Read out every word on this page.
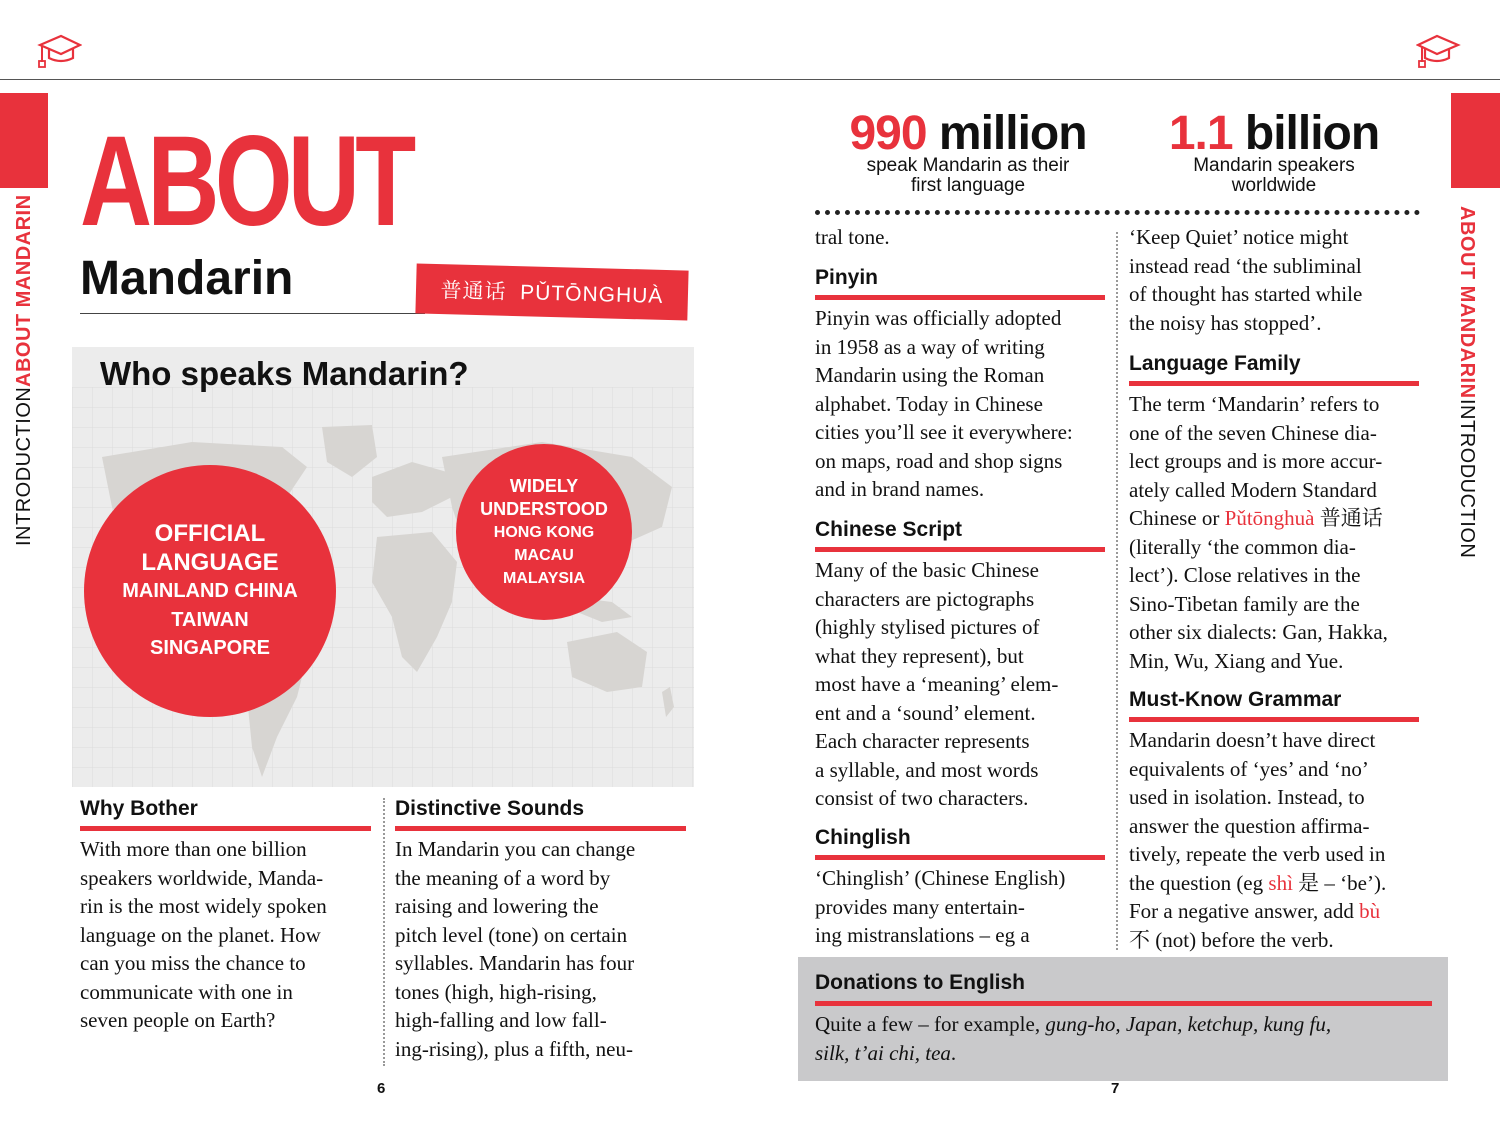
INTRODUCTION
ABOUT MANDARIN	ABOUT MANDARIN
INTRODUCTION
ABOUT
Mandarin	普通话  PǓTŌNGHUÀ
Who speaks Mandarin?
OFFICIAL
LANGUAGE
MAINLAND CHINA
TAIWAN
SINGAPORE
WIDELY
UNDERSTOOD
HONG KONG
MACAU
MALAYSIA
Why Bother
With more than one billion
speakers worldwide, Manda-
rin is the most widely spoken
language on the planet. How
can you miss the chance to
communicate with one in
seven people on Earth?
Distinctive Sounds
In Mandarin you can change
the meaning of a word by
raising and lowering the
pitch level (tone) on certain
syllables. Mandarin has four
tones (high, high-rising,
high-falling and low fall-
ing-rising), plus a fifth, neu-
6
990 million
speak Mandarin as their
first language
1.1 billion
Mandarin speakers
worldwide
tral tone.
Pinyin
Pinyin was officially adopted
in 1958 as a way of writing
Mandarin using the Roman
alphabet. Today in Chinese
cities you’ll see it everywhere:
on maps, road and shop signs
and in brand names.
Chinese Script
Many of the basic Chinese
characters are pictographs
(highly stylised pictures of
what they represent), but
most have a ‘meaning’ elem-
ent and a ‘sound’ element.
Each character represents
a syllable, and most words
consist of two characters.
Chinglish
‘Chinglish’ (Chinese English)
provides many entertain-
ing mistranslations – eg a
‘Keep Quiet’ notice might
instead read ‘the subliminal
of thought has started while
the noisy has stopped’.
Language Family
The term ‘Mandarin’ refers to
one of the seven Chinese dia-
lect groups and is more accur-
ately called Modern Standard
Chinese or Pǔtōnghuà 普通话
(literally ‘the common dia-
lect’). Close relatives in the
Sino-Tibetan family are the
other six dialects: Gan, Hakka,
Min, Wu, Xiang and Yue.
Must-Know Grammar
Mandarin doesn’t have direct
equivalents of ‘yes’ and ‘no’
used in isolation. Instead, to
answer the question affirma-
tively, repeate the verb used in
the question (eg shì 是 – ‘be’).
For a negative answer, add bù
不 (not) before the verb.
Donations to English
Quite a few – for example, gung-ho, Japan, ketchup, kung fu,
silk, t’ai chi, tea.
7
